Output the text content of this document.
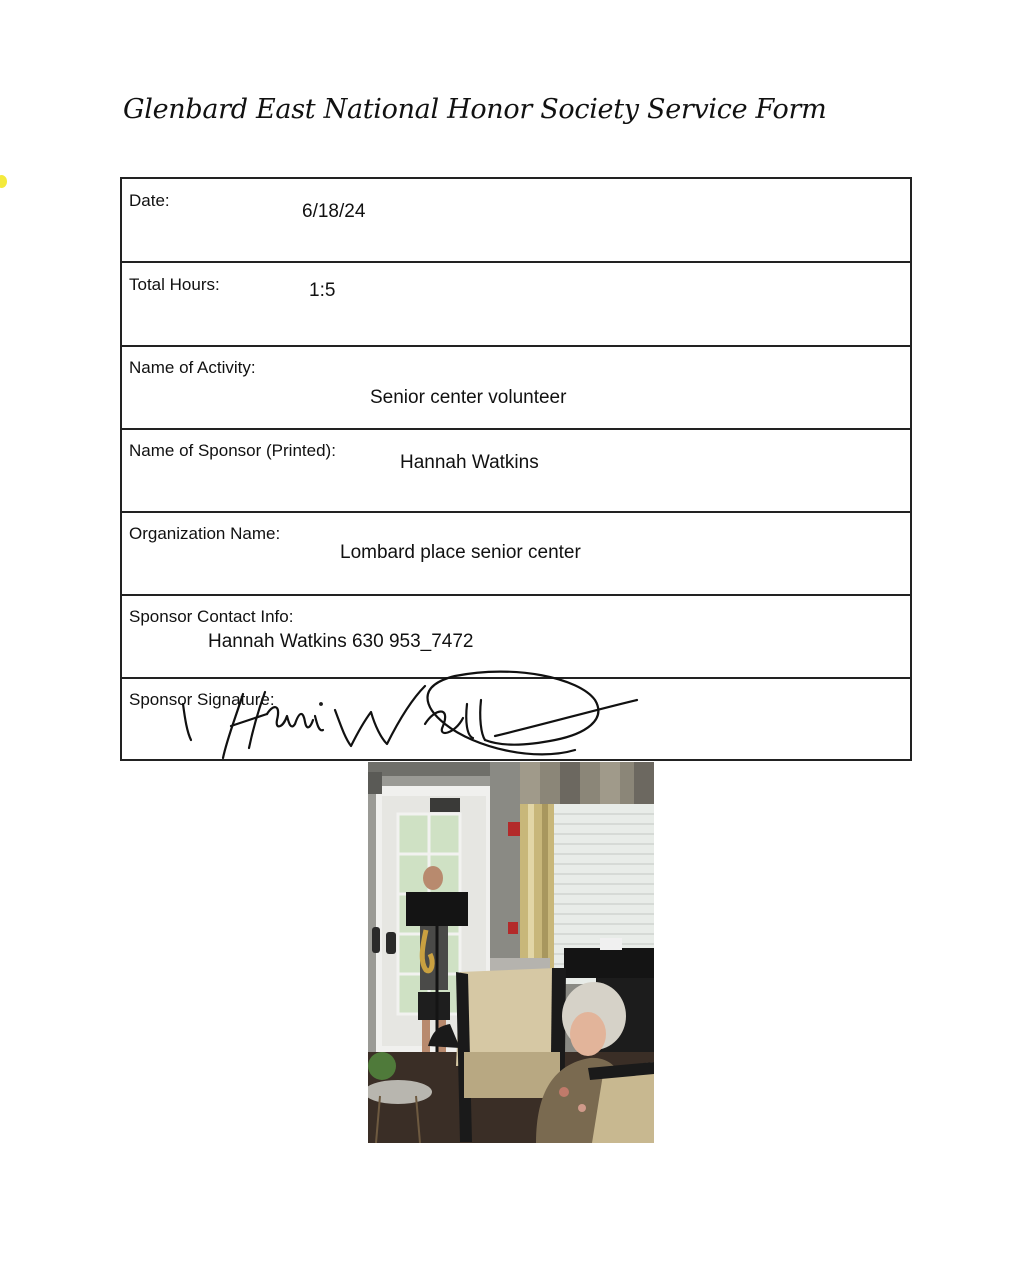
Glenbard East National Honor Society Service Form
Date:
6/18/24
Total Hours:	1:5
Name of Activity:
Senior center volunteer
Name of Sponsor (Printed):
Hannah Watkins
Organization Name:
Lombard place senior center
Sponsor Contact Info:
Hannah Watkins 630 953_7472
Sponsor Signature:
